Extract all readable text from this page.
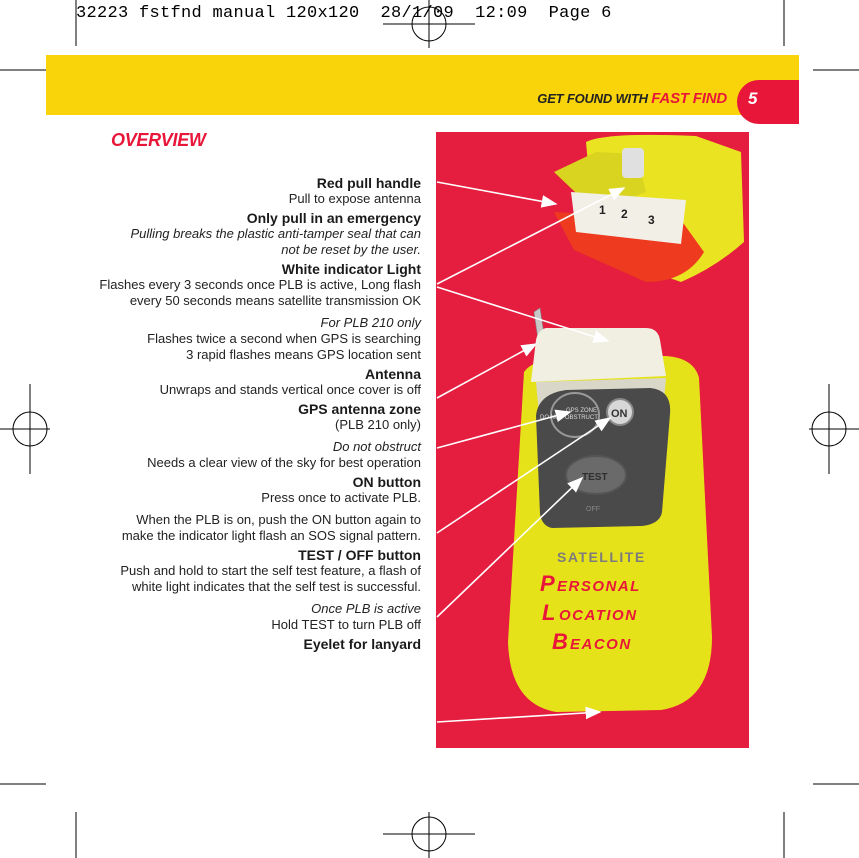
32223 fstfnd manual 120x120  28/1/09  12:09  Page 6
GET FOUND WITH FAST FIND 5
OVERVIEW
Red pull handle
Pull to expose antenna
Only pull in an emergency
Pulling breaks the plastic anti-tamper seal that can
not be reset by the user.
White indicator Light
Flashes every 3 seconds once PLB is active, Long flash
every 50 seconds means satellite transmission OK
For PLB 210 only
Flashes twice a second when GPS is searching
3 rapid flashes means GPS location sent
Antenna
Unwraps and stands vertical once cover is off
GPS antenna zone
(PLB 210 only)
Do not obstruct
Needs a clear view of the sky for best operation
ON button
Press once to activate PLB.
When the PLB is on, push the ON button again to
make the indicator light flash an SOS signal pattern.
TEST / OFF button
Push and hold to start the self test feature, a flash of
white light indicates that the self test is successful.
Once PLB is active
Hold TEST to turn PLB off
Eyelet for lanyard
1 2 3
GPS ZONE
DO NOT OBSTRUCT ON
TEST
OFF
SATELLITE
P ERSONAL
L OCATION
B EACON
